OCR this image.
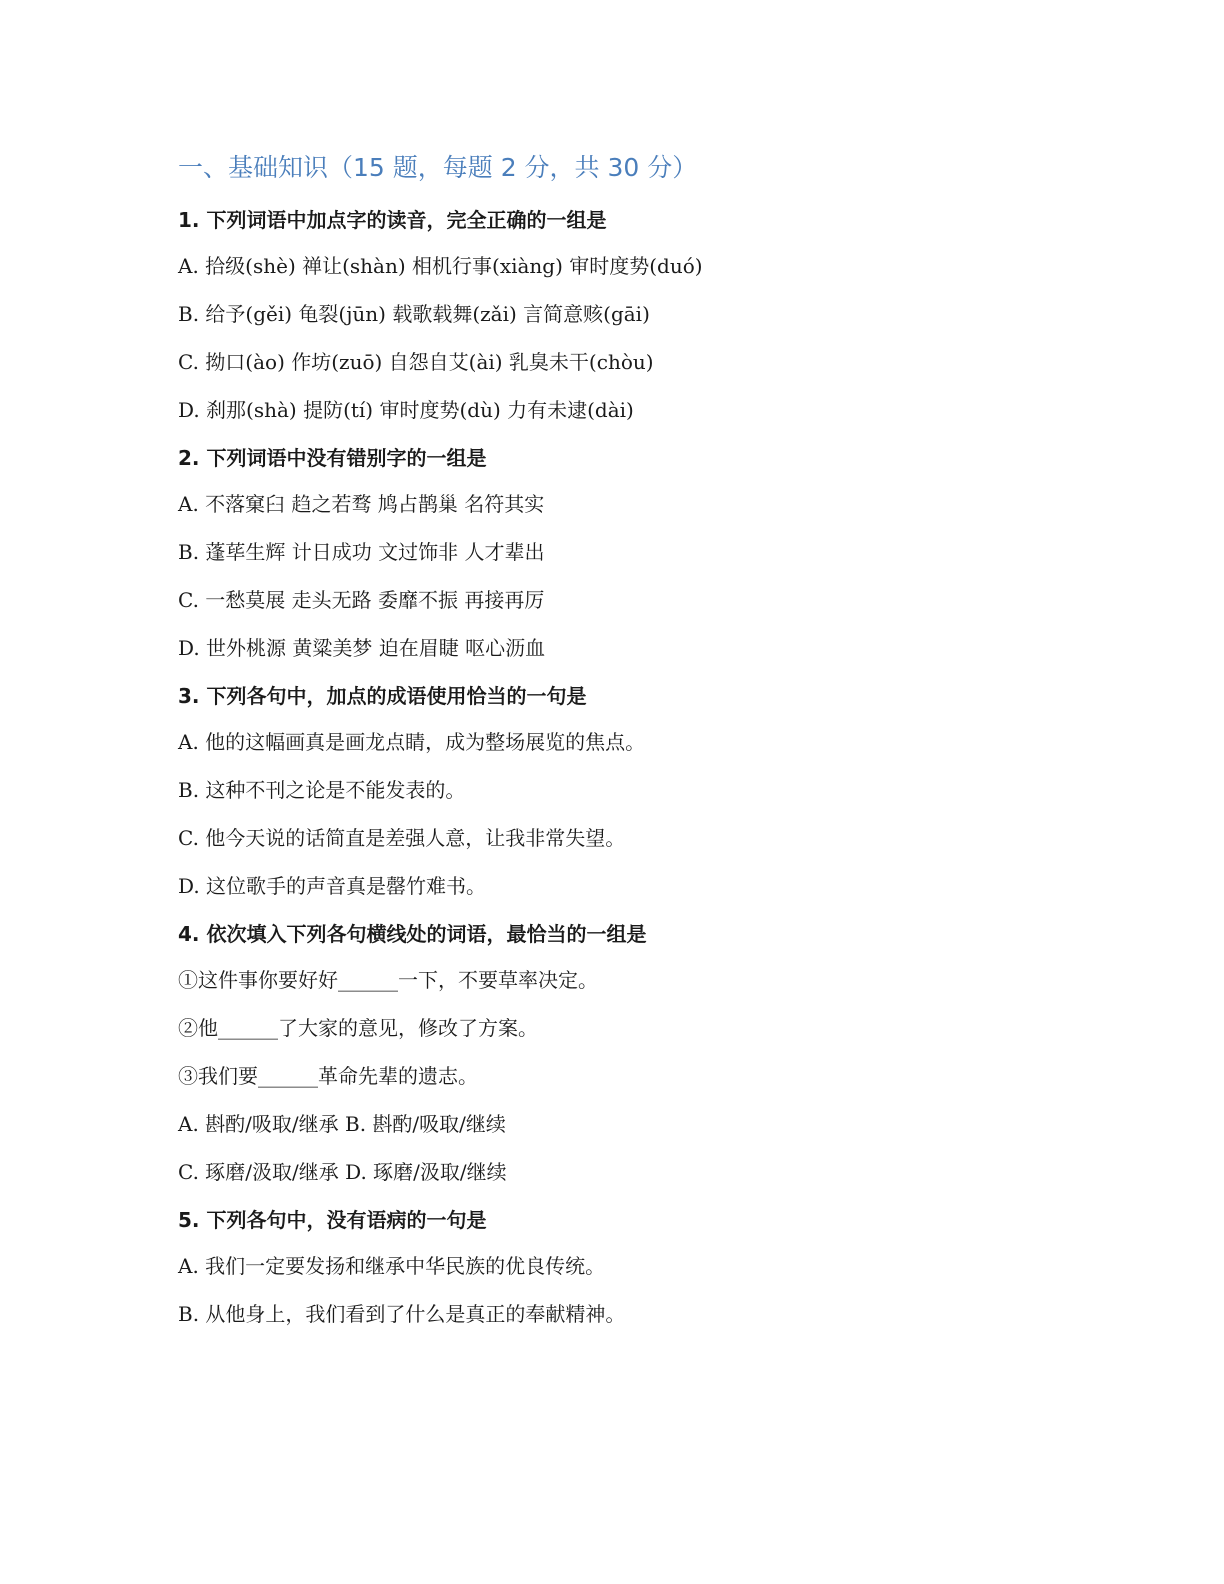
一、基础知识（15 题，每题 2 分，共 30 分）

1. 下列词语中加点字的读音，完全正确的一组是

A. 拾级(shè) 禅让(shàn) 相机行事(xiàng) 审时度势(duó)

B. 给予(gěi) 龟裂(jūn) 载歌载舞(zǎi) 言简意赅(gāi)

C. 拗口(ào) 作坊(zuō) 自怨自艾(ài) 乳臭未干(chòu)

D. 刹那(shà) 提防(tí) 审时度势(dù) 力有未逮(dài)

2. 下列词语中没有错别字的一组是

A. 不落窠臼 趋之若骛 鸠占鹊巢 名符其实

B. 蓬荜生辉 计日成功 文过饰非 人才辈出

C. 一愁莫展 走头无路 委靡不振 再接再厉

D. 世外桃源 黄粱美梦 迫在眉睫 呕心沥血

3. 下列各句中，加点的成语使用恰当的一句是

A. 他的这幅画真是画龙点睛，成为整场展览的焦点。

B. 这种不刊之论是不能发表的。

C. 他今天说的话简直是差强人意，让我非常失望。

D. 这位歌手的声音真是罄竹难书。

4. 依次填入下列各句横线处的词语，最恰当的一组是

①这件事你要好好______一下，不要草率决定。

②他______了大家的意见，修改了方案。

③我们要______革命先辈的遗志。

A. 斟酌/吸取/继承 B. 斟酌/吸取/继续

C. 琢磨/汲取/继承 D. 琢磨/汲取/继续

5. 下列各句中，没有语病的一句是

A. 我们一定要发扬和继承中华民族的优良传统。

B. 从他身上，我们看到了什么是真正的奉献精神。
